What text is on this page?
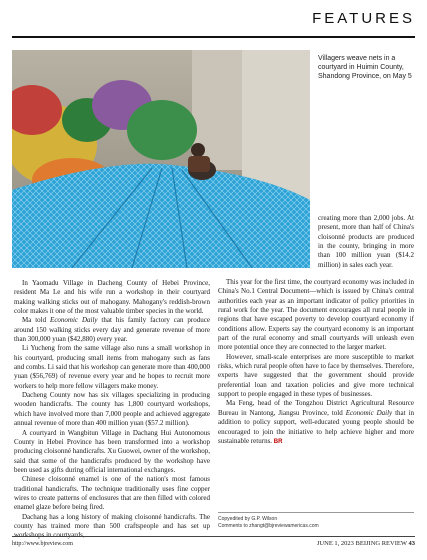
FEATURES
Villagers weave nets in a courtyard in Huimin County, Shandong Province, on May 5

creating more than 2,000 jobs. At present, more than half of China's cloisonné products are produced in the county, bringing in more than 100 million yuan ($14.2 million) in sales each year.

In Yaomadu Village in Dacheng County of Hebei Province, resident Ma Le and his wife run a workshop in their courtyard making walking sticks out of mahogany. Mahogany's reddish-brown color makes it one of the most valuable timber species in the world.

Ma told Economic Daily that his family factory can produce around 150 walking sticks every day and generate revenue of more than 300,000 yuan ($42,880) every year.

Li Yucheng from the same village also runs a small workshop in his courtyard, producing small items from mahogany such as fans and combs. Li said that his workshop can generate more than 400,000 yuan ($56,769) of revenue every year and he hopes to recruit more workers to help more fellow villagers make money.

Dacheng County now has six villages specializing in producing wooden handicrafts. The county has 1,800 courtyard workshops, which have involved more than 7,000 people and achieved aggregate annual revenue of more than 400 million yuan ($57.2 million).

A courtyard in Wangbitun Village in Dachang Hui Autonomous County in Hebei Province has been transformed into a workshop producing cloisonné handicrafts. Xu Guowei, owner of the workshop, said that some of the handicrafts produced by the workshop have been used as gifts during official international exchanges.

Chinese cloisonné enamel is one of the nation's most famous traditional handicrafts. The technique traditionally uses fine copper wires to create patterns of enclosures that are then filled with colored enamel glaze before being fired.

Dachang has a long history of making cloisonné handicrafts. The county has trained more than 500 craftspeople and has set up

This year for the first time, the courtyard economy was included in China's No.1 Central Document—which is issued by China's central authorities each year as an important indicator of policy priorities in rural work for the year. The document encourages all rural people in regions that have escaped poverty to develop courtyard economy if conditions allow. Experts say the courtyard economy is an important part of the rural economy and small courtyards will unleash even more potential once they are connected to the larger market.

However, small-scale enterprises are more susceptible to market risks, which rural people often have to face by themselves. Therefore, experts have suggested that the government should provide preferential loan and taxation policies and give more technical support to people engaged in these types of businesses.

Ma Feng, head of the Tongzhou District Agricultural Resource Bureau in Nantong, Jiangsu Province, told Economic Daily that in addition to policy support, well-educated young people should be encouraged to join the initiative to help achieve higher and more sustainable returns. BR

Copyedited by G.P. Wilson
Comments to zhangt@bjreviewamericas.com
http://www.bjreview.com	JUNE 1, 2023 BEIJING REVIEW 43
